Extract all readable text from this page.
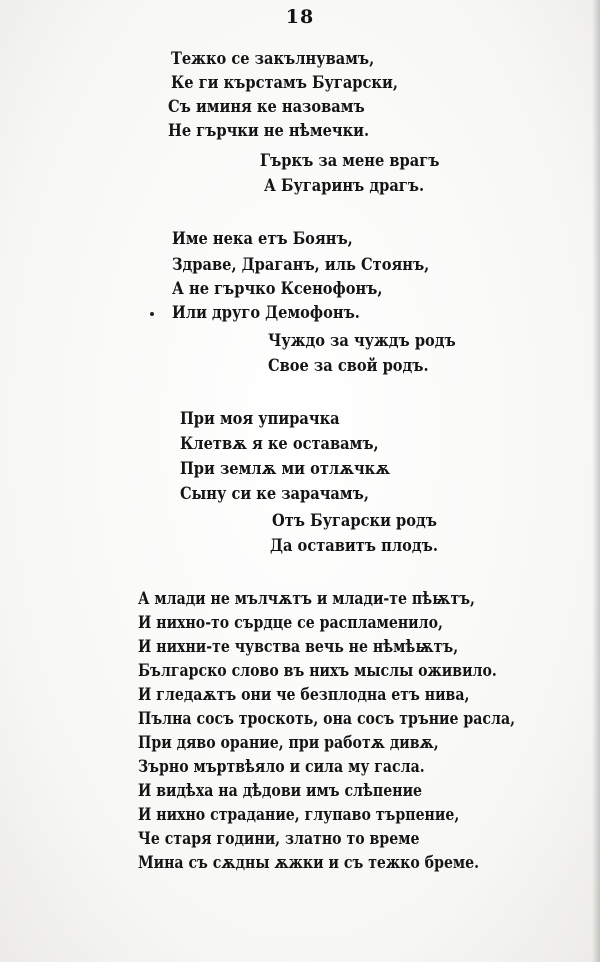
18
Тежко се закълнувамъ,
Ке ги кърстамъ Бугарски,
Съ иминя ке назовамъ
Не гърчки не нѣмечки.
Гъркъ за мене врагъ
А Бугаринъ драгъ.
Име нека етъ Боянъ,
Здраве, Драганъ, иль Стоянъ,
А не гърчко Ксенофонъ,
Или друго Демофонъ.
Чуждо за чуждъ родъ
Свое за свой родъ.
При моя упирачка
Клетвѫ я ке оставамъ,
При землѫ ми отлѫчкѫ
Сыну си ке зарачамъ,
Отъ Бугарски родъ
Да оставитъ плодъ.
А млади не мълчѫтъ и млади-те пѣѭтъ,
И нихно-то сърдце се распламенило,
И нихни-те чувства вечь не нѣмѣѭтъ,
Българско слово въ нихъ мыслы оживило.
И гледаѫтъ они че безплодна етъ нива,
Пълна сосъ трoскоть, она сосъ тръние расла,
При дяво орание, при работѫ дивѫ,
Зърно мъртвѣяло и сила му гасла.
И видѣха на дѣдови имъ слѣпение
И нихно страдание, глупаво търпение,
Че старя години, златно то време
Мина съ сѫдны ѫжки и съ тежко бреме.
